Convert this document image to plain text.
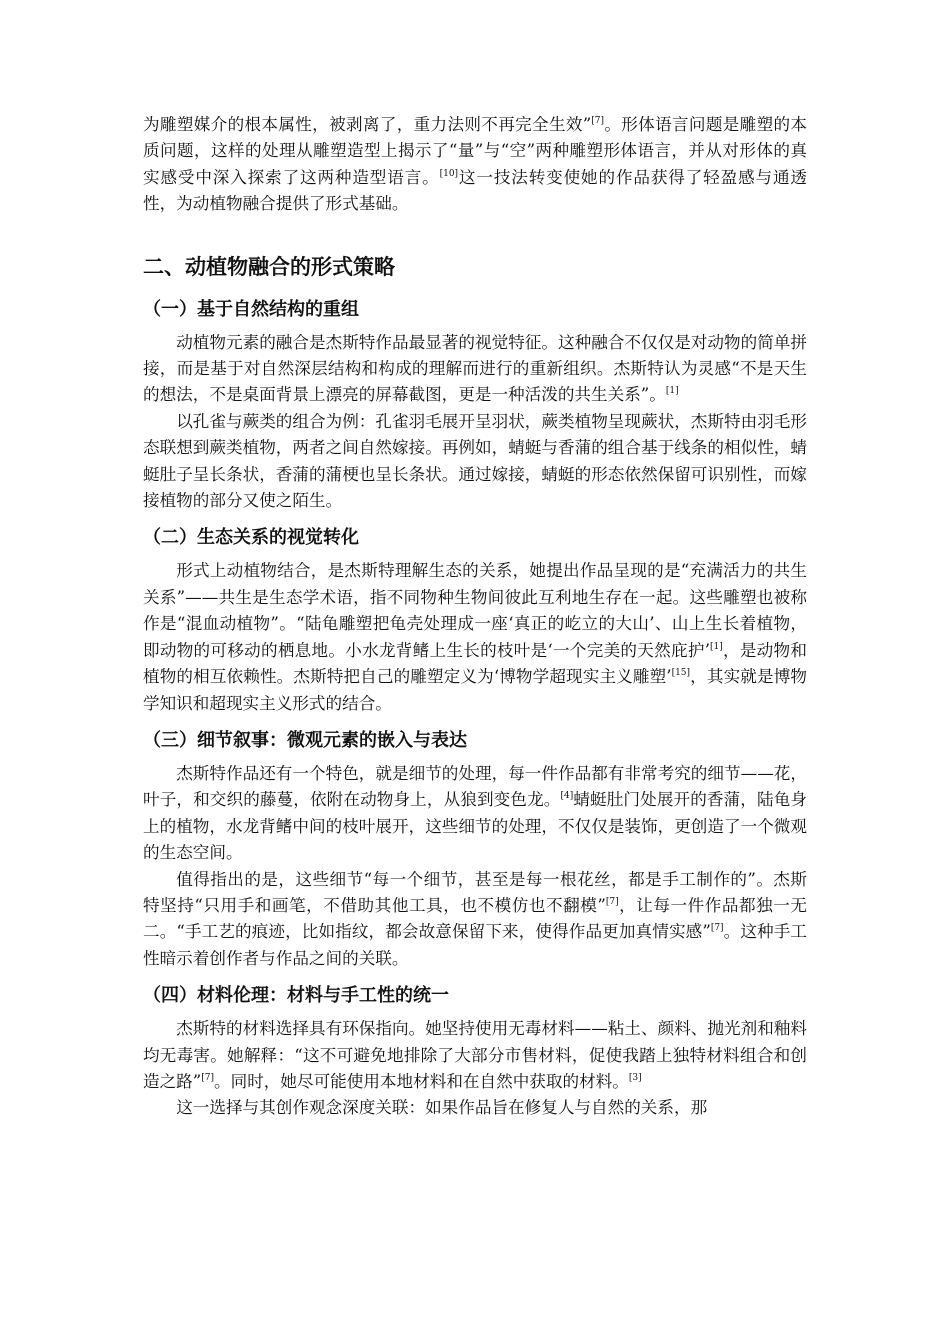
为雕塑媒介的根本属性，被剥离了，重力法则不再完全生效”[7]。形体语言问题是雕塑的本质问题，这样的处理从雕塑造型上揭示了“量”与“空”两种雕塑形体语言，并从对形体的真实感受中深入探索了这两种造型语言。[10]这一技法转变使她的作品获得了轻盈感与通透性，为动植物融合提供了形式基础。

二、动植物融合的形式策略
（一）基于自然结构的重组

动植物元素的融合是杰斯特作品最显著的视觉特征。这种融合不仅仅是对动物的简单拼接，而是基于对自然深层结构和构成的理解而进行的重新组织。杰斯特认为灵感“不是天生的想法，不是桌面背景上漂亮的屏幕截图，更是一种活泼的共生关系”。[1]

以孔雀与蕨类的组合为例：孔雀羽毛展开呈羽状，蕨类植物呈现蕨状，杰斯特由羽毛形态联想到蕨类植物，两者之间自然嫁接。再例如，蜻蜓与香蒲的组合基于线条的相似性，蜻蜓肚子呈长条状，香蒲的蒲梗也呈长条状。通过嫁接，蜻蜓的形态依然保留可识别性，而嫁接植物的部分又使之陌生。

（二）生态关系的视觉转化

形式上动植物结合，是杰斯特理解生态的关系，她提出作品呈现的是“充满活力的共生关系”——共生是生态学术语，指不同物种生物间彼此互利地生存在一起。这些雕塑也被称作是“混血动植物”。“陆龟雕塑把龟壳处理成一座‘真正的屹立的大山’、山上生长着植物，即动物的可移动的栖息地。小水龙背鳍上生长的枝叶是‘一个完美的天然庇护’[1]，是动物和植物的相互依赖性。杰斯特把自己的雕塑定义为‘博物学超现实主义雕塑’[15]，其实就是博物学知识和超现实主义形式的结合。

（三）细节叙事：微观元素的嵌入与表达

杰斯特作品还有一个特色，就是细节的处理，每一件作品都有非常考究的细节——花，叶子，和交织的藤蔓，依附在动物身上，从狼到变色龙。[4]蜻蜓肚门处展开的香蒲，陆龟身上的植物，水龙背鳍中间的枝叶展开，这些细节的处理，不仅仅是装饰，更创造了一个微观的生态空间。

值得指出的是，这些细节“每一个细节，甚至是每一根花丝，都是手工制作的”。杰斯特坚持“只用手和画笔，不借助其他工具，也不模仿也不翻模”[7]，让每一件作品都独一无二。“手工艺的痕迹，比如指纹，都会故意保留下来，使得作品更加真情实感”[7]。这种手工性暗示着创作者与作品之间的关联。

（四）材料伦理：材料与手工性的统一

杰斯特的材料选择具有环保指向。她坚持使用无毒材料——粘土、颜料、抛光剂和釉料均无毒害。她解释：“这不可避免地排除了大部分市售材料，促使我踏上独特材料组合和创造之路”[7]。同时，她尽可能使用本地材料和在自然中获取的材料。[3]

这一选择与其创作观念深度关联：如果作品旨在修复人与自然的关系，那
